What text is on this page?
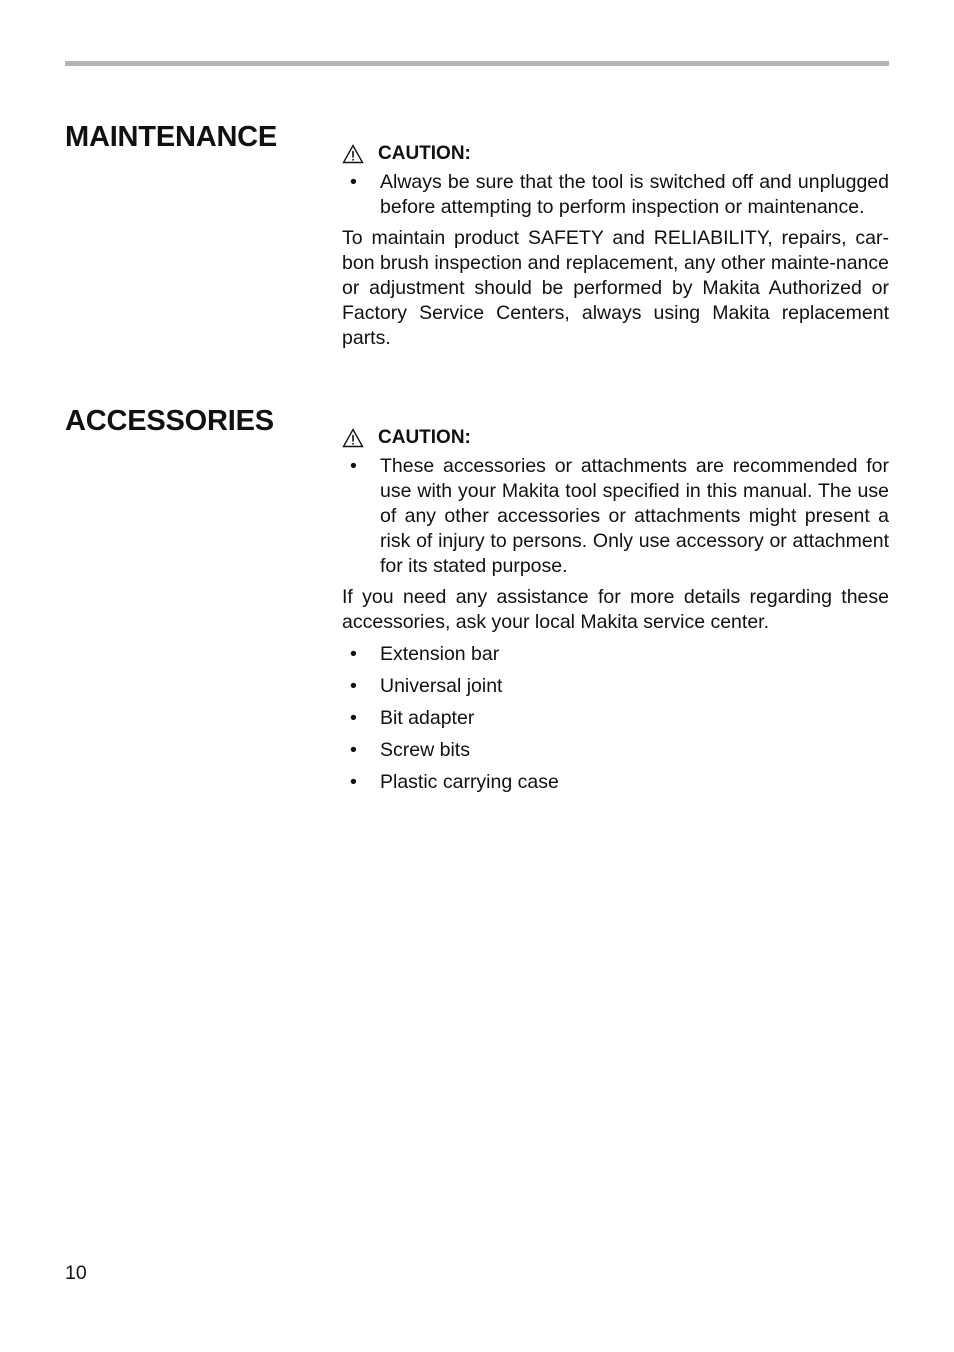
MAINTENANCE
CAUTION:
• Always be sure that the tool is switched off and unplugged before attempting to perform inspection or maintenance.

To maintain product SAFETY and RELIABILITY, repairs, car-bon brush inspection and replacement, any other mainte-nance or adjustment should be performed by Makita Authorized or Factory Service Centers, always using Makita replacement parts.

ACCESSORIES
CAUTION:
• These accessories or attachments are recommended for use with your Makita tool specified in this manual. The use of any other accessories or attachments might present a risk of injury to persons. Only use accessory or attachment for its stated purpose.

If you need any assistance for more details regarding these accessories, ask your local Makita service center.

• Extension bar
• Universal joint
• Bit adapter
• Screw bits
• Plastic carrying case
10
